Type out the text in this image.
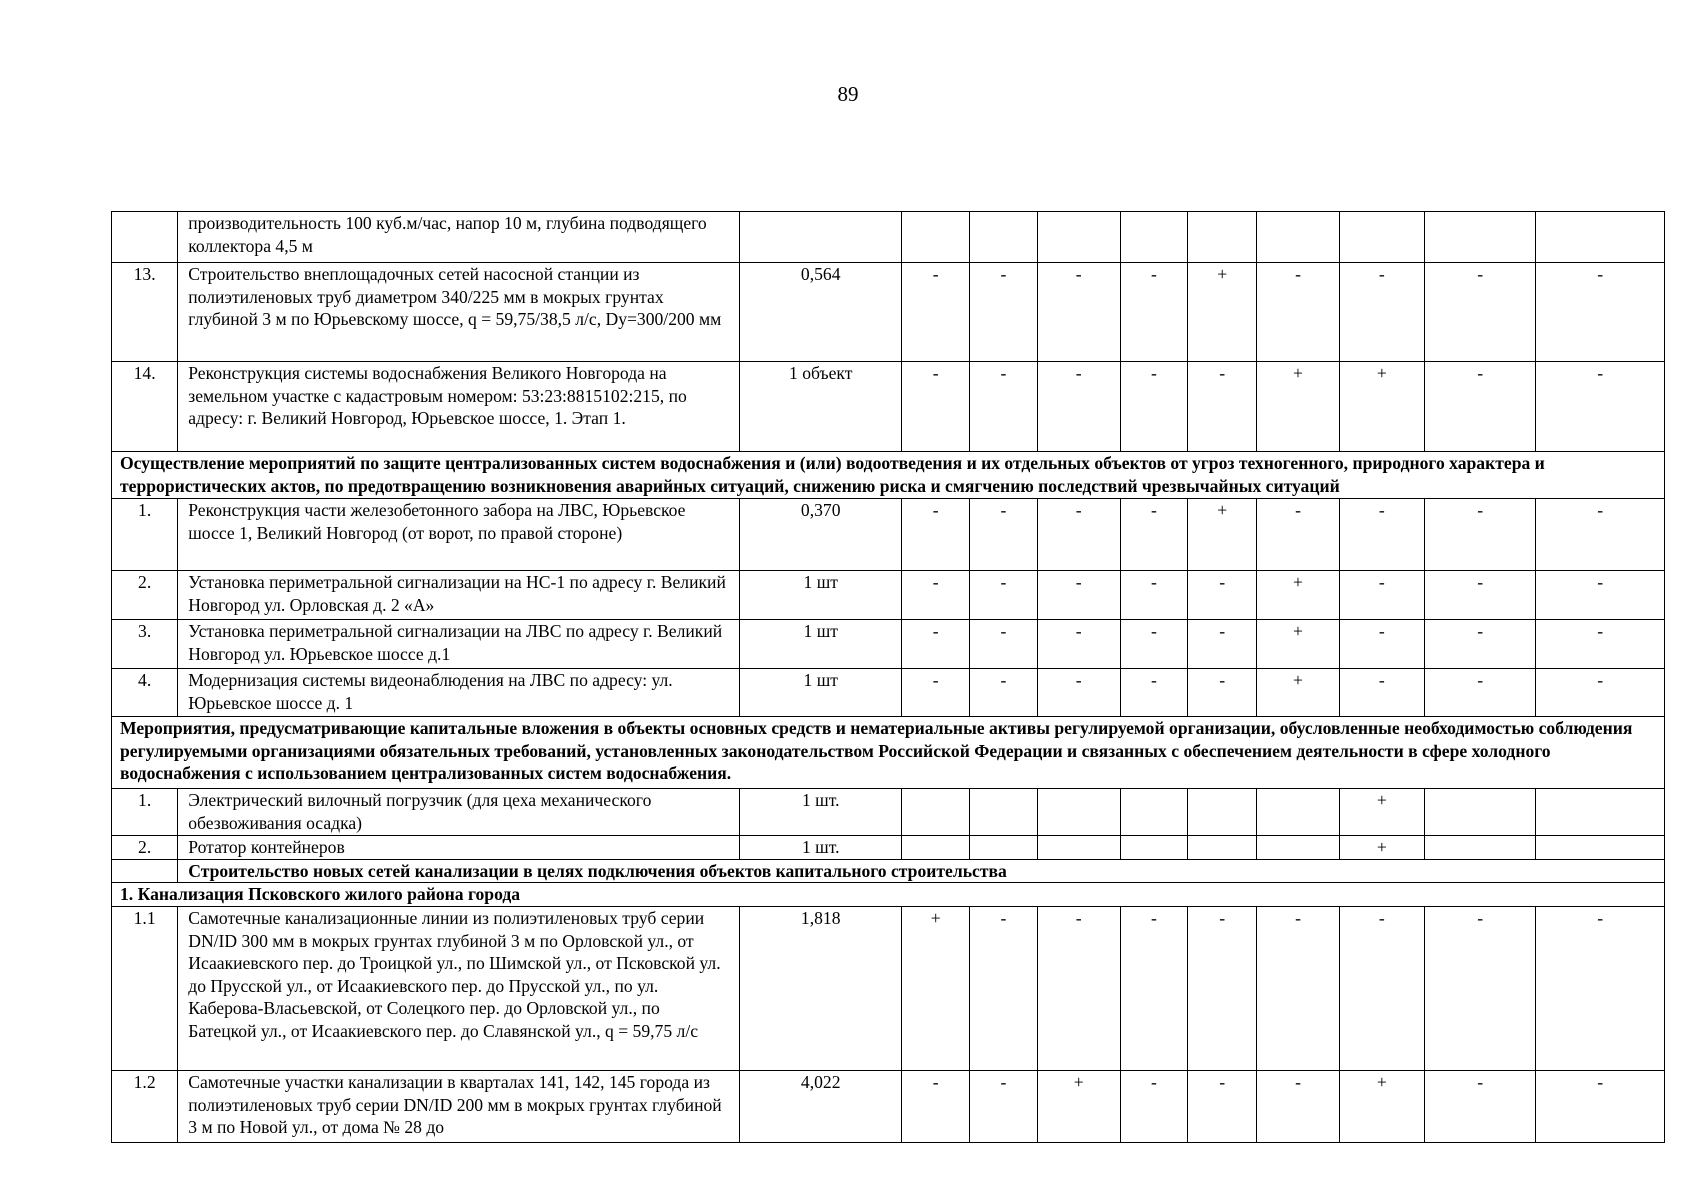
89
	производительность 100 куб.м/час, напор 10 м, глубина подводящего коллектора 4,5 м										
13.	Строительство внеплощадочных сетей насосной станции из полиэтиленовых труб диаметром 340/225 мм в мокрых грунтах глубиной 3 м по Юрьевскому шоссе, q = 59,75/38,5 л/с, Dy=300/200 мм	0,564	-	-	-	-	+	-	-	-	-
14.	Реконструкция системы водоснабжения Великого Новгорода на земельном участке с кадастровым номером: 53:23:8815102:215, по адресу: г. Великий Новгород, Юрьевское шоссе, 1. Этап 1.	1 объект	-	-	-	-	-	+	+	-	-
Осуществление мероприятий по защите централизованных систем водоснабжения и (или) водоотведения и их отдельных объектов от угроз техногенного, природного характера и террористических актов, по предотвращению возникновения аварийных ситуаций, снижению риска и смягчению последствий чрезвычайных ситуаций											
1.	Реконструкция части железобетонного забора на ЛВС, Юрьевское шоссе 1, Великий Новгород (от ворот, по правой стороне)	0,370	-	-	-	-	+	-	-	-	-
2.	Установка периметральной сигнализации на НС-1 по адресу г. Великий Новгород ул. Орловская д. 2 «А»	1 шт	-	-	-	-	-	+	-	-	-
3.	Установка периметральной сигнализации на ЛВС по адресу г. Великий Новгород ул. Юрьевское шоссе д.1	1 шт	-	-	-	-	-	+	-	-	-
4.	Модернизация системы видеонаблюдения на ЛВС по адресу: ул. Юрьевское шоссе д. 1	1 шт	-	-	-	-	-	+	-	-	-
Мероприятия, предусматривающие капитальные вложения в объекты основных средств и нематериальные активы регулируемой организации, обусловленные необходимостью соблюдения регулируемыми организациями обязательных требований, установленных законодательством Российской Федерации и связанных с обеспечением деятельности в сфере холодного водоснабжения с использованием централизованных систем водоснабжения.											
1.	Электрический вилочный погрузчик (для цеха механического обезвоживания осадка)	1 шт.							+		
2.	Ротатор контейнеров	1 шт.							+		
	Строительство новых сетей канализации в целях подключения объектов капитального строительства										
1. Канализация Псковского жилого района города											
1.1	Самотечные канализационные линии из полиэтиленовых труб серии DN/ID 300 мм в мокрых грунтах глубиной 3 м по Орловской ул., от Исаакиевского пер. до Троицкой ул., по Шимской ул., от Псковской ул. до Прусской ул., от Исаакиевского пер. до Прусской ул., по ул. Каберова-Власьевской, от Солецкого пер. до Орловской ул., по Батецкой ул., от Исаакиевского пер. до Славянской ул., q = 59,75 л/с	1,818	+	-	-	-	-	-	-	-	-
1.2	Самотечные участки канализации в кварталах 141, 142, 145 города из полиэтиленовых труб серии DN/ID 200 мм в мокрых грунтах глубиной 3 м по Новой ул., от дома № 28 до	4,022	-	-	+	-	-	-	+	-	-
